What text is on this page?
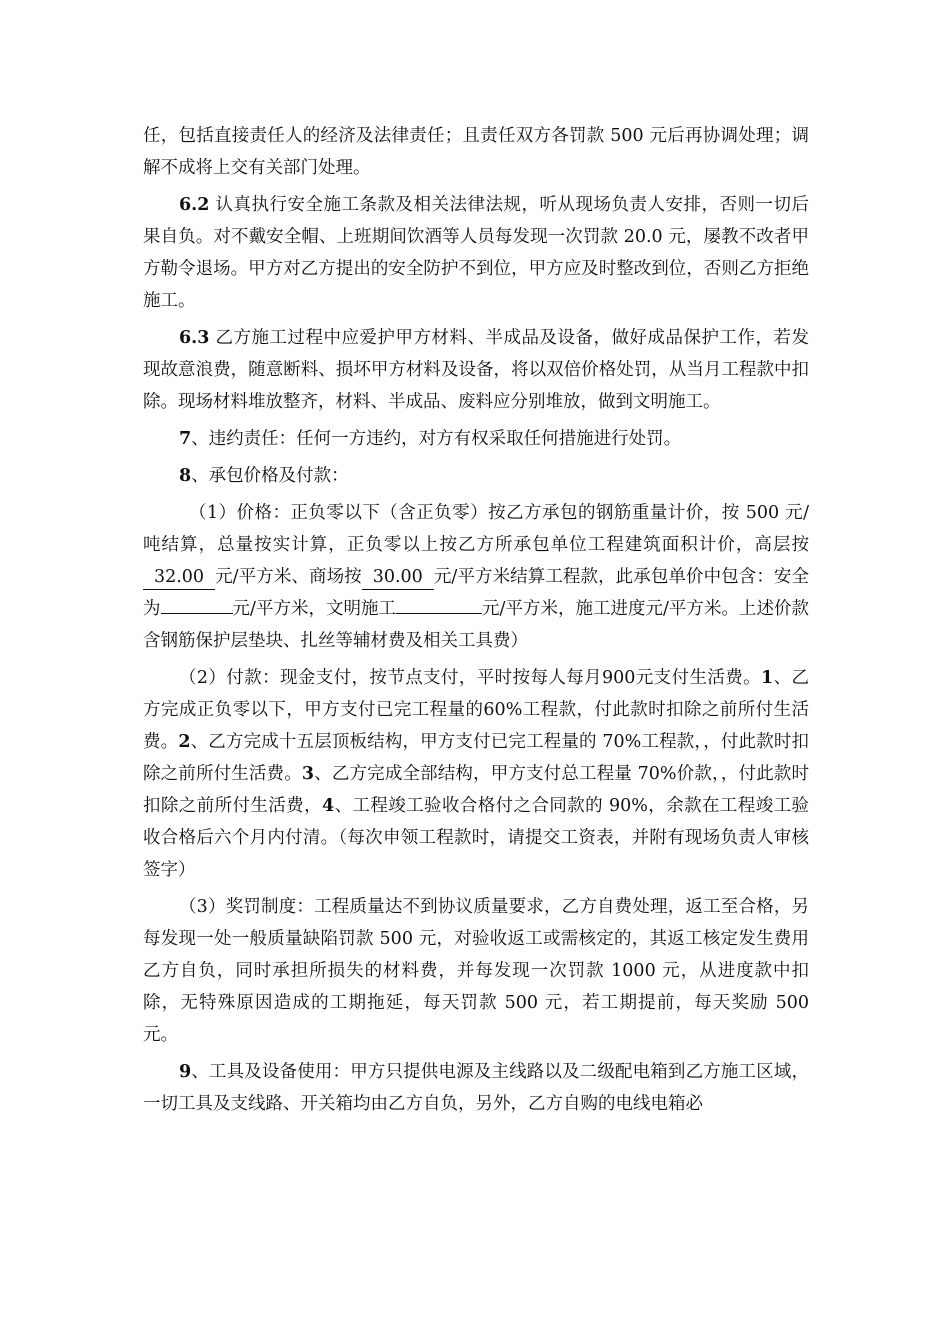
任，包括直接责任人的经济及法律责任；且责任双方各罚款 500 元后再协调处理；调解不成将上交有关部门处理。

6.2 认真执行安全施工条款及相关法律法规，听从现场负责人安排，否则一切后果自负。对不戴安全帽、上班期间饮酒等人员每发现一次罚款 20.0 元，屡教不改者甲方勒令退场。甲方对乙方提出的安全防护不到位，甲方应及时整改到位，否则乙方拒绝施工。

6.3 乙方施工过程中应爱护甲方材料、半成品及设备，做好成品保护工作，若发现故意浪费，随意断料、损坏甲方材料及设备，将以双倍价格处罚，从当月工程款中扣除。现场材料堆放整齐，材料、半成品、废料应分别堆放，做到文明施工。

7、违约责任：任何一方违约，对方有权采取任何措施进行处罚。

8、承包价格及付款：

（1）价格：正负零以下（含正负零）按乙方承包的钢筋重量计价，按 500 元/吨结算，总量按实计算，正负零以上按乙方所承包单位工程建筑面积计价，高层按32.00 元/平方米、商场按 30.00 元/平方米结算工程款，此承包单价中包含：安全为	元/平方米，文明施工	元/平方米，施工进度元/平方米。上述价款含钢筋保护层垫块、扎丝等辅材费及相关工具费）

（2）付款：现金支付，按节点支付，平时按每人每月900元支付生活费。1、乙方完成正负零以下，甲方支付已完工程量的60%工程款，付此款时扣除之前所付生活费。2、乙方完成十五层顶板结构，甲方支付已完工程量的 70%工程款，，付此款时扣除之前所付生活费。3、乙方完成全部结构，甲方支付总工程量 70%价款，，付此款时扣除之前所付生活费，4、工程竣工验收合格付之合同款的 90%，余款在工程竣工验收合格后六个月内付清。（每次申领工程款时，请提交工资表，并附有现场负责人审核签字）

（3）奖罚制度：工程质量达不到协议质量要求，乙方自费处理，返工至合格，另每发现一处一般质量缺陷罚款 500 元，对验收返工或需核定的，其返工核定发生费用乙方自负，同时承担所损失的材料费，并每发现一次罚款 1000 元，从进度款中扣除，无特殊原因造成的工期拖延，每天罚款 500 元，若工期提前，每天奖励 500 元。

9、工具及设备使用：甲方只提供电源及主线路以及二级配电箱到乙方施工区域，一切工具及支线路、开关箱均由乙方自负，另外，乙方自购的电线电箱必
